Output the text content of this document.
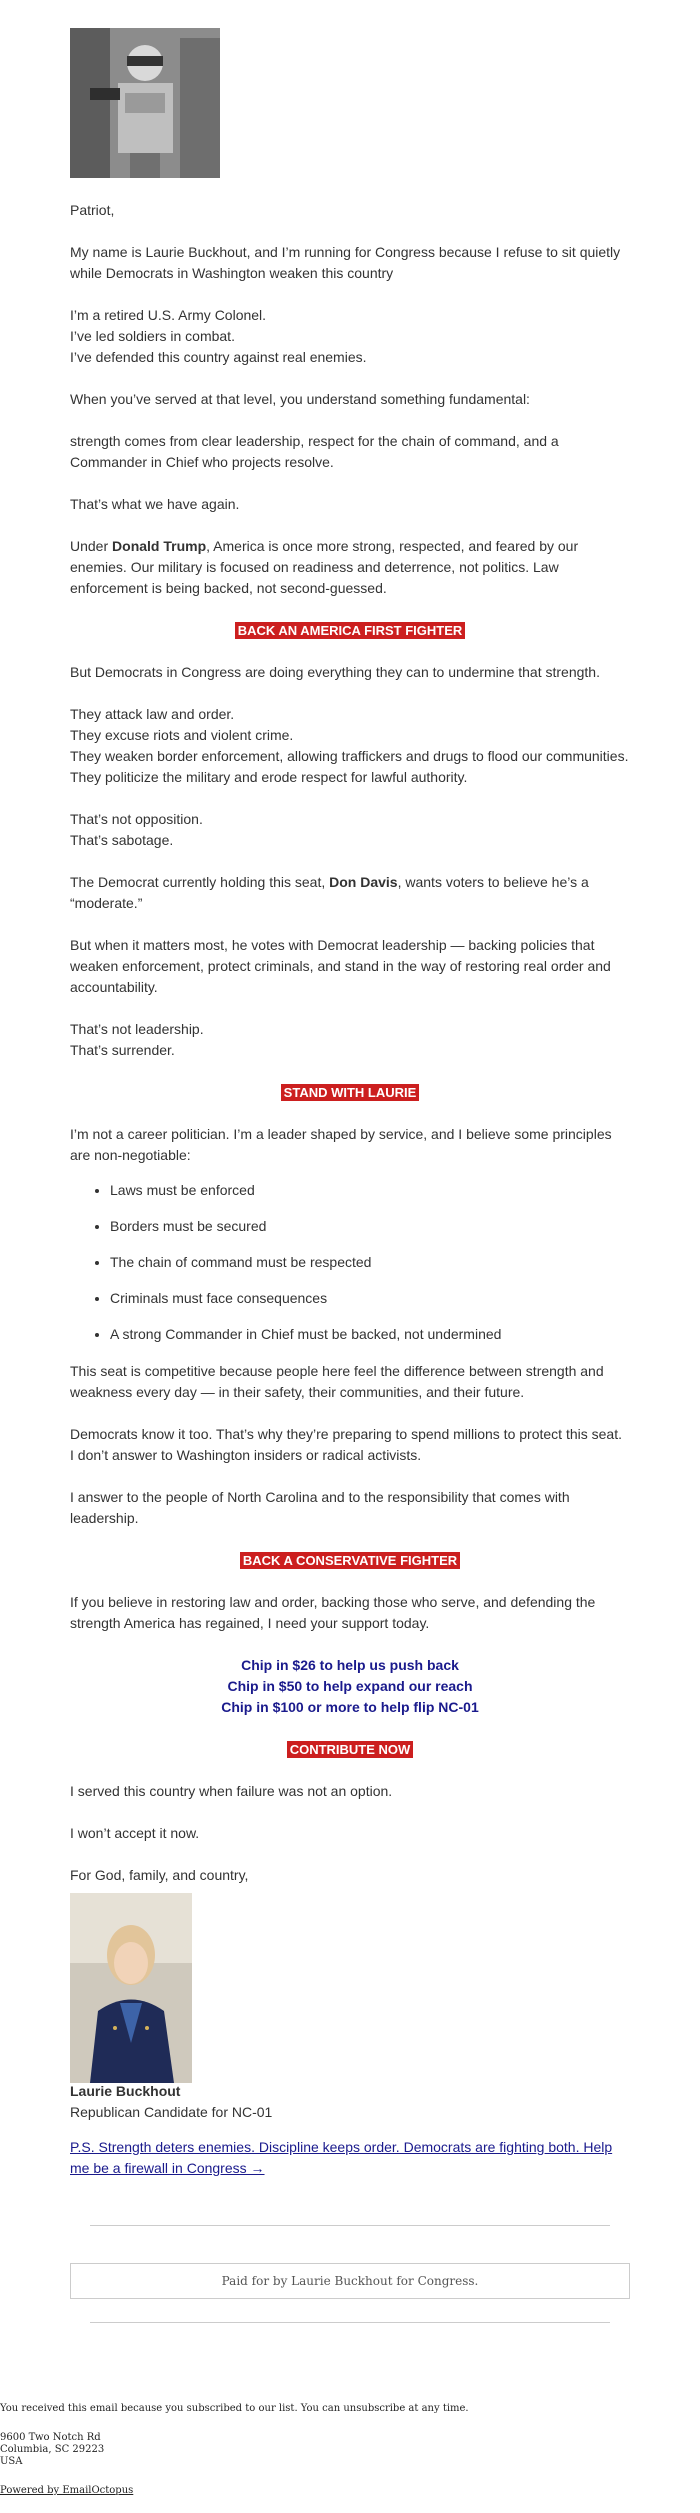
Patriot,

My name is Laurie Buckhout, and I’m running for Congress because I refuse to sit quietly while Democrats in Washington weaken this country

I’m a retired U.S. Army Colonel.
I’ve led soldiers in combat.
I’ve defended this country against real enemies.

When you’ve served at that level, you understand something fundamental:

strength comes from clear leadership, respect for the chain of command, and a Commander in Chief who projects resolve.

That’s what we have again.

Under Donald Trump, America is once more strong, respected, and feared by our enemies. Our military is focused on readiness and deterrence, not politics. Law enforcement is being backed, not second-guessed.

BACK AN AMERICA FIRST FIGHTER

But Democrats in Congress are doing everything they can to undermine that strength.

They attack law and order.
They excuse riots and violent crime.
They weaken border enforcement, allowing traffickers and drugs to flood our communities.
They politicize the military and erode respect for lawful authority.
That’s not opposition.
That’s sabotage.

The Democrat currently holding this seat, Don Davis, wants voters to believe he’s a “moderate.”

But when it matters most, he votes with Democrat leadership — backing policies that weaken enforcement, protect criminals, and stand in the way of restoring real order and accountability.

That’s not leadership.
That’s surrender.
STAND WITH LAURIE

I’m not a career politician. I’m a leader shaped by service, and I believe some principles are non-negotiable:

• Laws must be enforced
• Borders must be secured
• The chain of command must be respected
• Criminals must face consequences
• A strong Commander in Chief must be backed, not undermined

This seat is competitive because people here feel the difference between strength and weakness every day — in their safety, their communities, and their future.

Democrats know it too. That’s why they’re preparing to spend millions to protect this seat.
I don’t answer to Washington insiders or radical activists.

I answer to the people of North Carolina and to the responsibility that comes with leadership.

BACK A CONSERVATIVE FIGHTER

If you believe in restoring law and order, backing those who serve, and defending the strength America has regained, I need your support today.

Chip in $26 to help us push back
Chip in $50 to help expand our reach
Chip in $100 or more to help flip NC-01
CONTRIBUTE NOW

I served this country when failure was not an option.

I won’t accept it now.

For God, family, and country,

Laurie Buckhout
Republican Candidate for NC-01
P.S. Strength deters enemies. Discipline keeps order. Democrats are fighting both. Help me be a firewall in Congress →
Paid for by Laurie Buckhout for Congress.
You received this email because you subscribed to our list. You can unsubscribe at any time.
9600 Two Notch Rd
Columbia, SC 29223
USA
Powered by EmailOctopus
